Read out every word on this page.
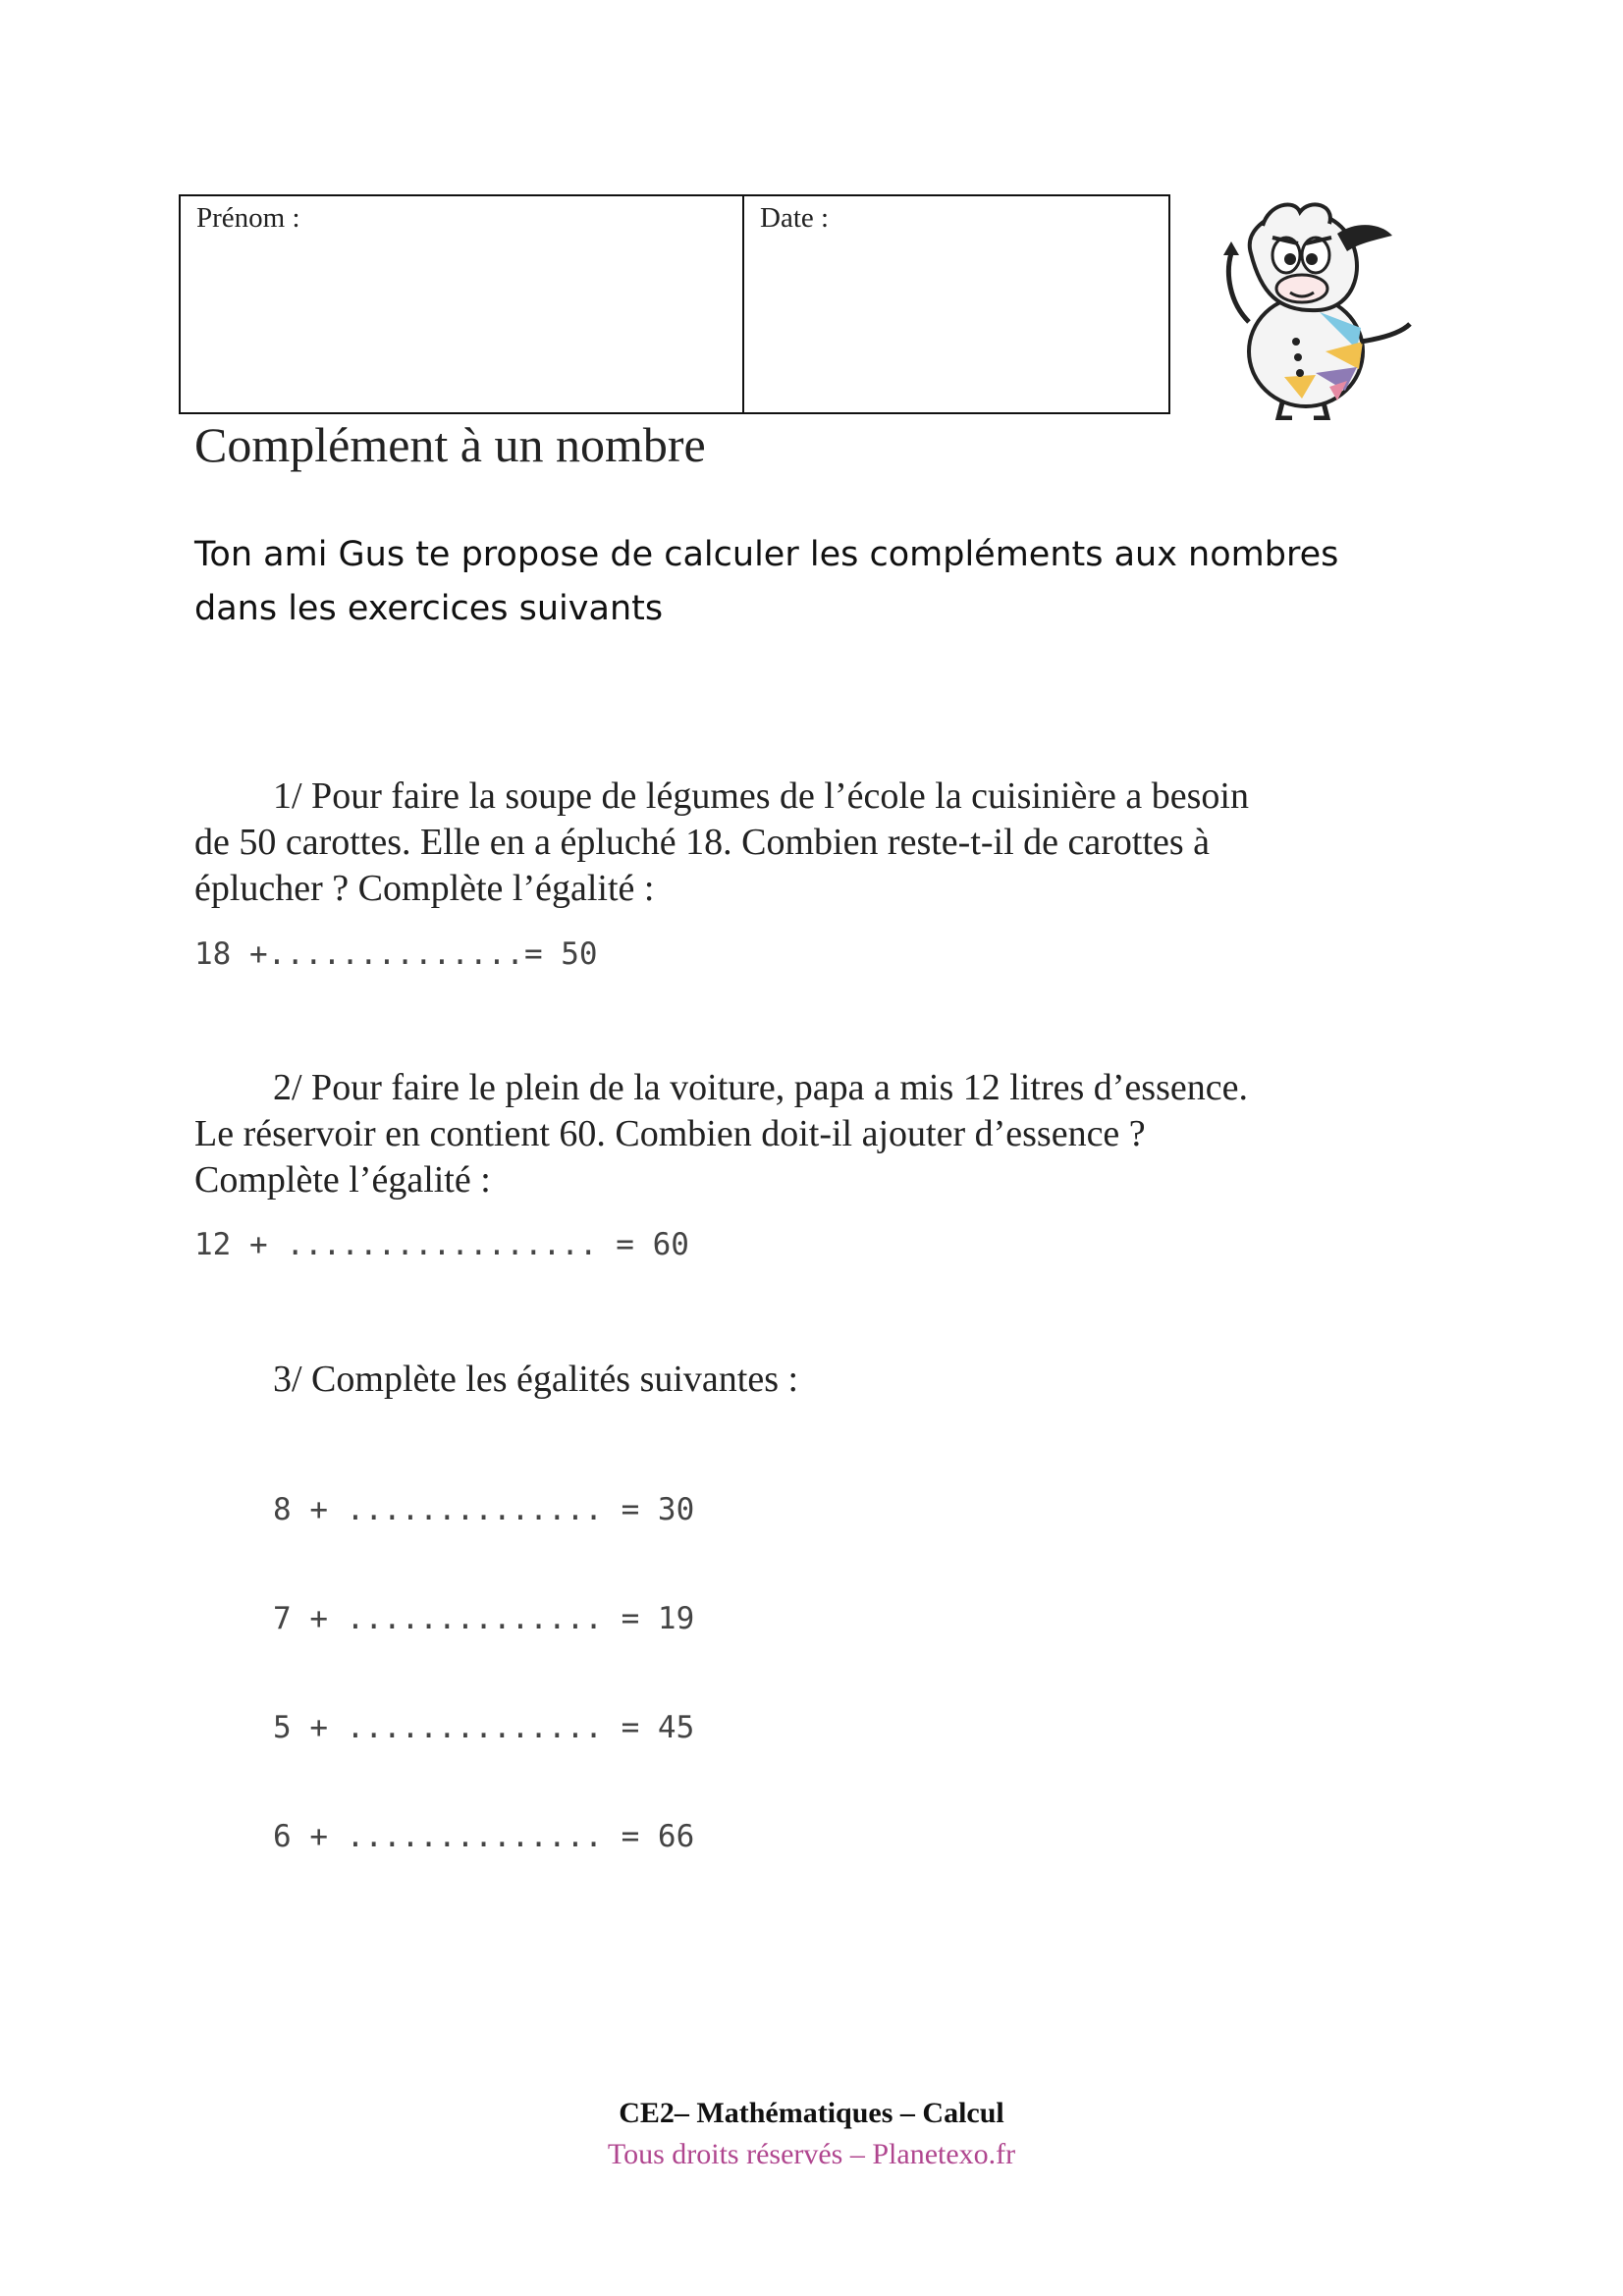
Prénom :	Date :
Complément à un nombre
Ton ami Gus te propose de calculer les compléments aux nombres
dans les exercices suivants
1/ Pour faire la soupe de légumes de l’école la cuisinière a besoin
de 50 carottes. Elle en a épluché 18. Combien reste-t-il de carottes à
éplucher ? Complète l’égalité :
18 +..............= 50
2/ Pour faire le plein de la voiture, papa a mis 12 litres d’essence.
Le réservoir en contient 60. Combien doit-il ajouter d’essence ?
Complète l’égalité :
12 + ................. = 60
3/ Complète les égalités suivantes :
8 + .............. = 30
7 + .............. = 19
5 + .............. = 45
6 + .............. = 66
CE2– Mathématiques – Calcul
Tous droits réservés – Planetexo.fr
